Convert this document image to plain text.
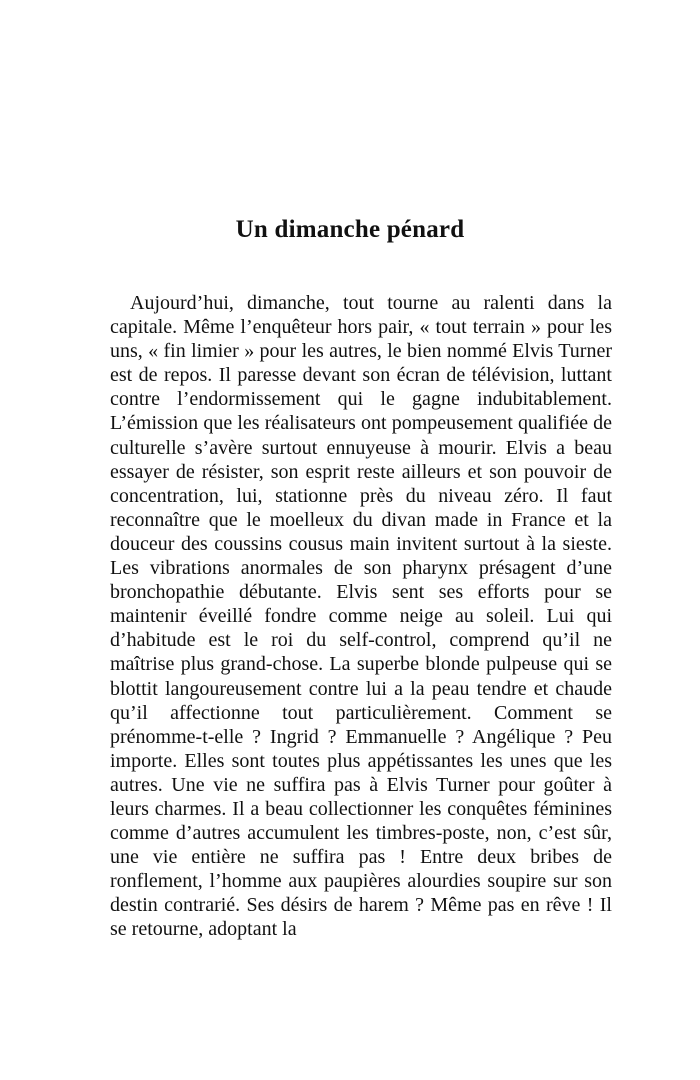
Un dimanche pénard

Aujourd’hui, dimanche, tout tourne au ralenti dans la capitale. Même l’enquêteur hors pair, « tout terrain » pour les uns, « fin limier » pour les autres, le bien nommé Elvis Turner est de repos. Il paresse devant son écran de télévision, luttant contre l’endormissement qui le gagne indubitablement. L’émission que les réalisateurs ont pompeusement qualifiée de culturelle s’avère surtout ennuyeuse à mourir. Elvis a beau essayer de résister, son esprit reste ailleurs et son pouvoir de concentration, lui, stationne près du niveau zéro. Il faut reconnaître que le moelleux du divan made in France et la douceur des coussins cousus main invitent surtout à la sieste. Les vibrations anormales de son pharynx présagent d’une bronchopathie débutante. Elvis sent ses efforts pour se maintenir éveillé fondre comme neige au soleil. Lui qui d’habitude est le roi du self-control, comprend qu’il ne maîtrise plus grand-chose. La superbe blonde pulpeuse qui se blottit langoureusement contre lui a la peau tendre et chaude qu’il affectionne tout particulièrement. Comment se prénomme-t-elle ? Ingrid ? Emmanuelle ? Angélique ? Peu importe. Elles sont toutes plus appétissantes les unes que les autres. Une vie ne suffira pas à Elvis Turner pour goûter à leurs charmes. Il a beau collectionner les conquêtes féminines comme d’autres accumulent les timbres-poste, non, c’est sûr, une vie entière ne suffira pas ! Entre deux bribes de ronflement, l’homme aux paupières alourdies soupire sur son destin contrarié. Ses désirs de harem ? Même pas en rêve ! Il se retourne, adoptant la
